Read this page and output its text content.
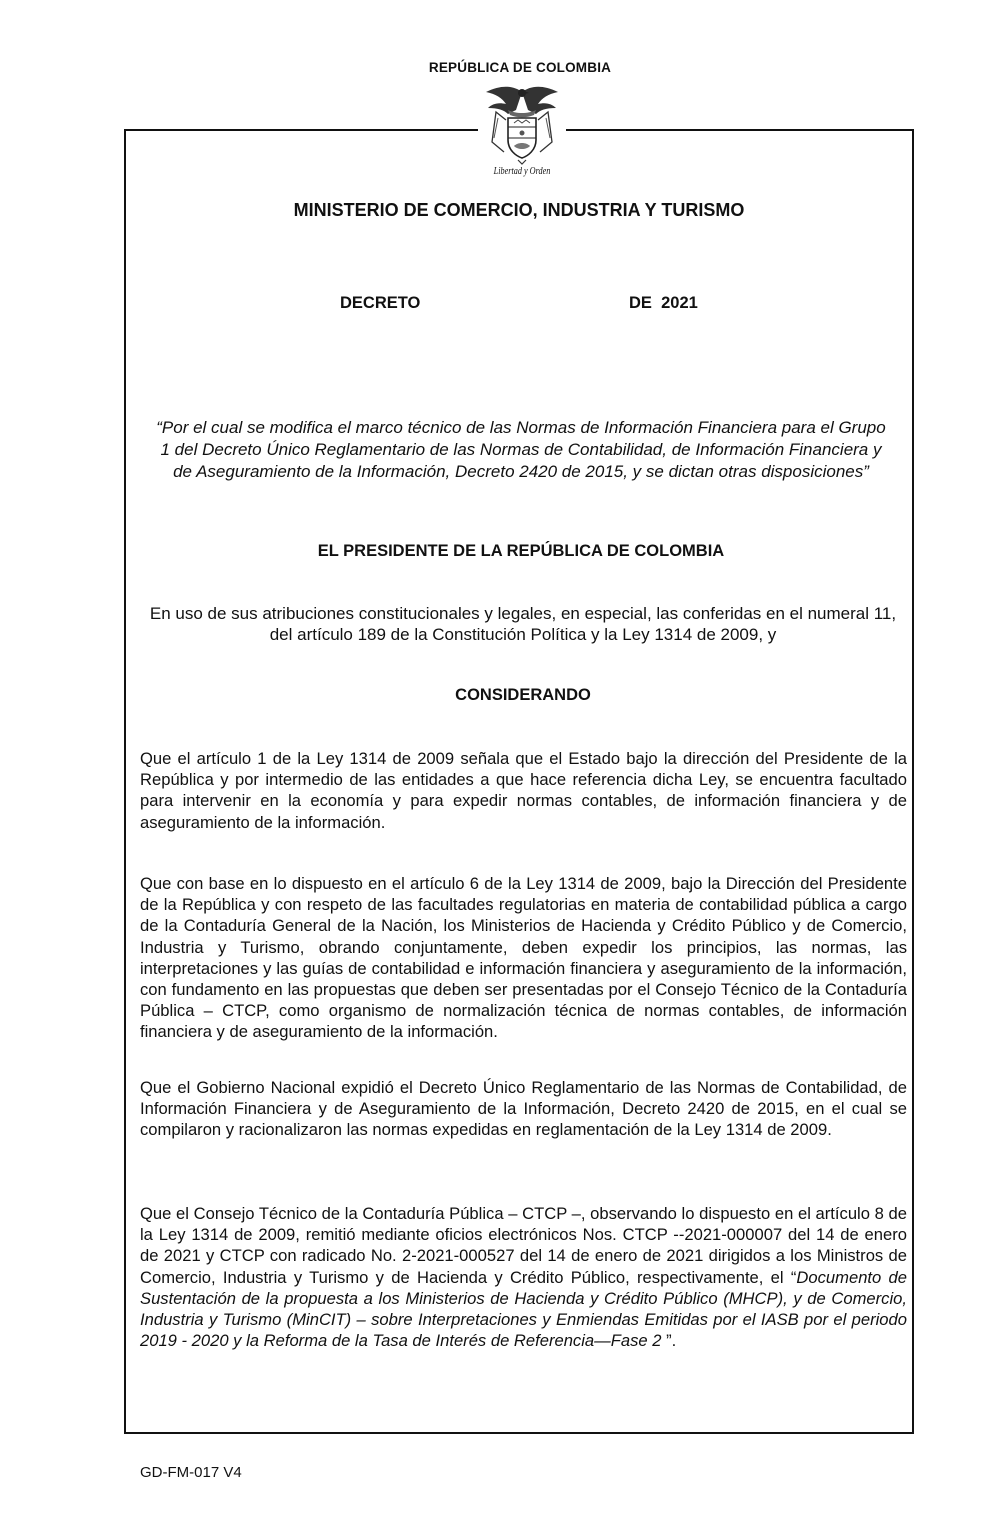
REPÚBLICA DE COLOMBIA
Libertad y Orden
MINISTERIO DE COMERCIO, INDUSTRIA Y TURISMO
DECRETO	DE  2021
“Por el cual se modifica el marco técnico de las Normas de Información Financiera para el Grupo 1 del Decreto Único Reglamentario de las Normas de Contabilidad, de Información Financiera y de Aseguramiento de la Información, Decreto 2420 de 2015, y se dictan otras disposiciones”
EL PRESIDENTE DE LA REPÚBLICA DE COLOMBIA
En uso de sus atribuciones constitucionales y legales, en especial, las conferidas en el numeral 11, del artículo 189 de la Constitución Política y la Ley 1314 de 2009, y
CONSIDERANDO
Que el artículo 1 de la Ley 1314 de 2009 señala que el Estado bajo la dirección del Presidente de la República y por intermedio de las entidades a que hace referencia dicha Ley, se encuentra facultado para intervenir en la economía y para expedir normas contables, de información financiera y de aseguramiento de la información.
Que con base en lo dispuesto en el artículo 6 de la Ley 1314 de 2009, bajo la Dirección del Presidente de la República y con respeto de las facultades regulatorias en materia de contabilidad pública a cargo de la Contaduría General de la Nación, los Ministerios de Hacienda y Crédito Público y de Comercio, Industria y Turismo, obrando conjuntamente, deben expedir los principios, las normas, las interpretaciones y las guías de contabilidad e información financiera y aseguramiento de la información, con fundamento en las propuestas que deben ser presentadas por el Consejo Técnico de la Contaduría Pública – CTCP, como organismo de normalización técnica de normas contables, de información financiera y de aseguramiento de la información.
Que el Gobierno Nacional expidió el Decreto Único Reglamentario de las Normas de Contabilidad, de Información Financiera y de Aseguramiento de la Información, Decreto 2420 de 2015, en el cual se compilaron y racionalizaron las normas expedidas en reglamentación de la Ley 1314 de 2009.
Que el Consejo Técnico de la Contaduría Pública – CTCP –, observando lo dispuesto en el artículo 8 de la Ley 1314 de 2009, remitió mediante oficios electrónicos Nos. CTCP --2021-000007 del 14 de enero de 2021 y CTCP con radicado No. 2-2021-000527 del 14 de enero de 2021 dirigidos a los Ministros de Comercio, Industria y Turismo y de Hacienda y Crédito Público, respectivamente, el “Documento de Sustentación de la propuesta a los Ministerios de Hacienda y Crédito Público (MHCP), y de Comercio, Industria y Turismo (MinCIT) – sobre Interpretaciones y Enmiendas Emitidas por el IASB por el periodo 2019 - 2020 y la Reforma de la Tasa de Interés de Referencia—Fase 2 ”.
GD-FM-017 V4
